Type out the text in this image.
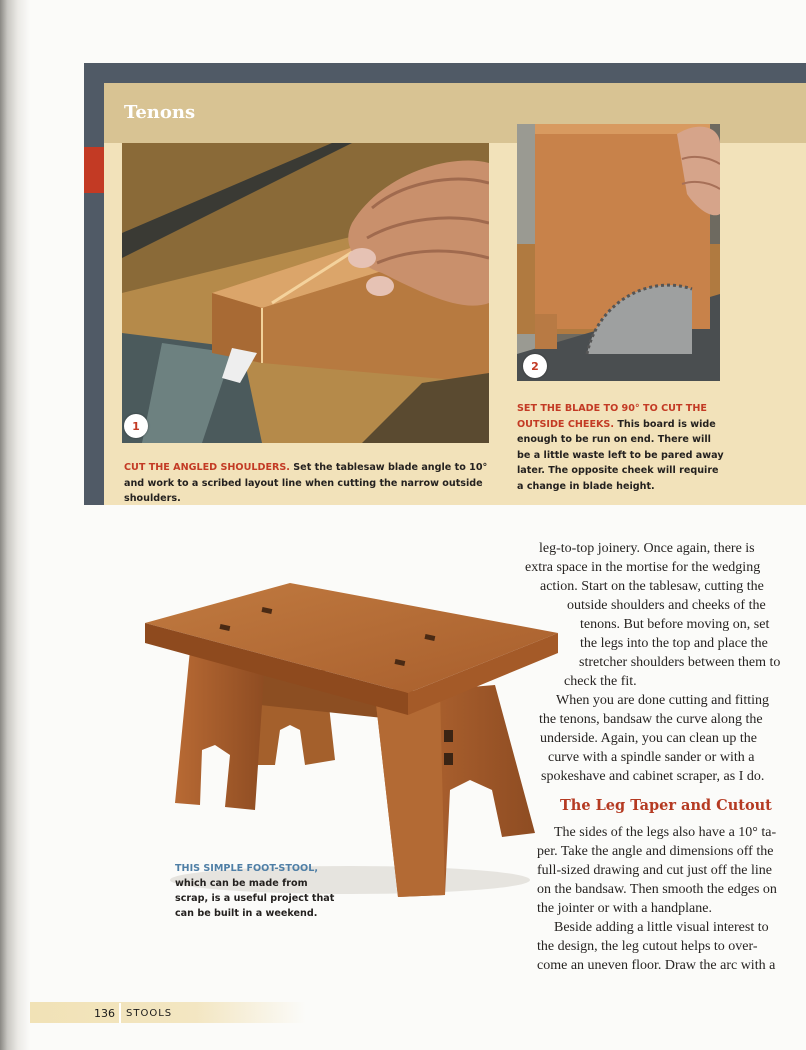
Tenons
1
2
CUT THE ANGLED SHOULDERS. Set the tablesaw blade angle to 10° and work to a scribed layout line when cutting the narrow outside shoulders.
SET THE BLADE TO 90° TO CUT THE OUTSIDE CHEEKS. This board is wide enough to be run on end. There will be a little waste left to be pared away later. The opposite cheek will require a change in blade height.
THIS SIMPLE FOOT-STOOL, which can be made from scrap, is a useful project that can be built in a weekend.
leg-to-top joinery. Once again, there is
extra space in the mortise for the wedging
action. Start on the tablesaw, cutting the
outside shoulders and cheeks of the
tenons. But before moving on, set
the legs into the top and place the
stretcher shoulders between them to
check the fit.
When you are done cutting and fitting
the tenons, bandsaw the curve along the
underside. Again, you can clean up the
curve with a spindle sander or with a
spokeshave and cabinet scraper, as I do.
The Leg Taper and Cutout
The sides of the legs also have a 10° ta-
per. Take the angle and dimensions off the
full-sized drawing and cut just off the line
on the bandsaw. Then smooth the edges on
the jointer or with a handplane.
Beside adding a little visual interest to
the design, the leg cutout helps to over-
come an uneven floor. Draw the arc with a
136 STOOLS
